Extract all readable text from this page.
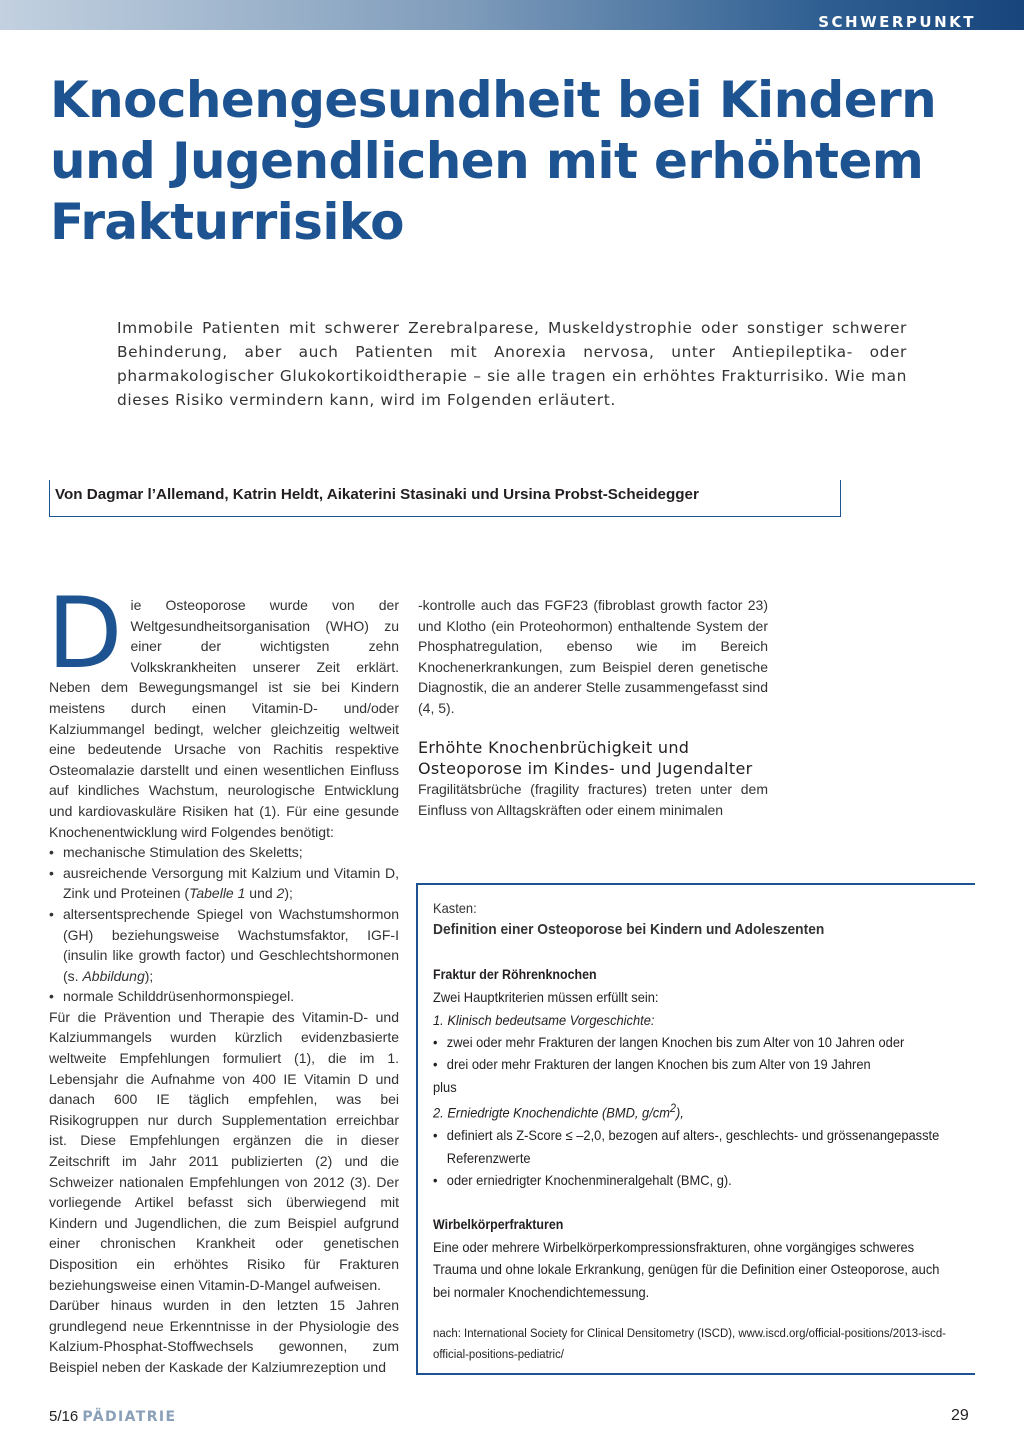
SCHWERPUNKT
Knochengesundheit bei Kindern und Jugendlichen mit erhöhtem Frakturrisiko

Immobile Patienten mit schwerer Zerebralparese, Muskeldystrophie oder sonstiger schwerer Behinderung, aber auch Patienten mit Anorexia nervosa, unter Antiepileptika- oder pharmakologischer Glukokortikoidtherapie – sie alle tragen ein erhöhtes Frakturrisiko. Wie man dieses Risiko vermindern kann, wird im Folgenden erläutert.

Von Dagmar l’Allemand, Katrin Heldt, Aikaterini Stasinaki und Ursina Probst-Scheidegger

Die Osteoporose wurde von der Weltgesundheitsorganisation (WHO) zu einer der wichtigsten zehn Volkskrankheiten unserer Zeit erklärt. Neben dem Bewegungsmangel ist sie bei Kindern meistens durch einen Vitamin-D- und/oder Kalziummangel bedingt, welcher gleichzeitig weltweit eine bedeutende Ursache von Rachitis respektive Osteomalazie darstellt und einen wesentlichen Einfluss auf kindliches Wachstum, neurologische Entwicklung und kardiovaskuläre Risiken hat (1). Für eine gesunde Knochenentwicklung wird Folgendes benötigt:

• mechanische Stimulation des Skeletts;
• ausreichende Versorgung mit Kalzium und Vitamin D, Zink und Proteinen (Tabelle 1 und 2);
• altersentsprechende Spiegel von Wachstumshormon (GH) beziehungsweise Wachstumsfaktor, IGF-I (insulin like growth factor) und Geschlechtshormonen (s. Abbildung);
• normale Schilddrüsenhormonspiegel.

Für die Prävention und Therapie des Vitamin-D- und Kalziummangels wurden kürzlich evidenzbasierte weltweite Empfehlungen formuliert (1), die im 1. Lebensjahr die Aufnahme von 400 IE Vitamin D und danach 600 IE täglich empfehlen, was bei Risikogruppen nur durch Supplementation erreichbar ist. Diese Empfehlungen ergänzen die in dieser Zeitschrift im Jahr 2011 publizierten (2) und die Schweizer nationalen Empfehlungen von 2012 (3). Der vorliegende Artikel befasst sich überwiegend mit Kindern und Jugendlichen, die zum Beispiel aufgrund einer chronischen Krankheit oder genetischen Disposition ein erhöhtes Risiko für Frakturen beziehungsweise einen Vitamin-D-Mangel aufweisen.

Darüber hinaus wurden in den letzten 15 Jahren grundlegend neue Erkenntnisse in der Physiologie des Kalzium-Phosphat-Stoffwechsels gewonnen, zum Beispiel neben der Kaskade der Kalziumrezeption und

-kontrolle auch das FGF23 (fibroblast growth factor 23) und Klotho (ein Proteohormon) enthaltende System der Phosphatregulation, ebenso wie im Bereich Knochenerkrankungen, zum Beispiel deren genetische Diagnostik, die an anderer Stelle zusammengefasst sind (4, 5).

Erhöhte Knochenbrüchigkeit und Osteoporose im Kindes- und Jugendalter

Fragilitätsbrüche (fragility fractures) treten unter dem Einfluss von Alltagskräften oder einem minimalen

Kasten:
Definition einer Osteoporose bei Kindern und Adoleszenten
Fraktur der Röhrenknochen
Zwei Hauptkriterien müssen erfüllt sein:
1. Klinisch bedeutsame Vorgeschichte:
• zwei oder mehr Frakturen der langen Knochen bis zum Alter von 10 Jahren oder
• drei oder mehr Frakturen der langen Knochen bis zum Alter von 19 Jahren
plus
2. Erniedrigte Knochendichte (BMD, $g/cm^2$),
• definiert als Z-Score ≤ –2,0, bezogen auf alters-, geschlechts- und grössenangepasste Referenzwerte
• oder erniedrigter Knochenmineralgehalt (BMC, g).
Wirbelkörperfrakturen
Eine oder mehrere Wirbelkörperkompressionsfrakturen, ohne vorgängiges schweres Trauma und ohne lokale Erkrankung, genügen für die Definition einer Osteoporose, auch bei normaler Knochendichtemessung.
nach: International Society for Clinical Densitometry (ISCD), www.iscd.org/official-positions/2013-iscd-official-positions-pediatric/
5/16 PÄDIATRIE	29
